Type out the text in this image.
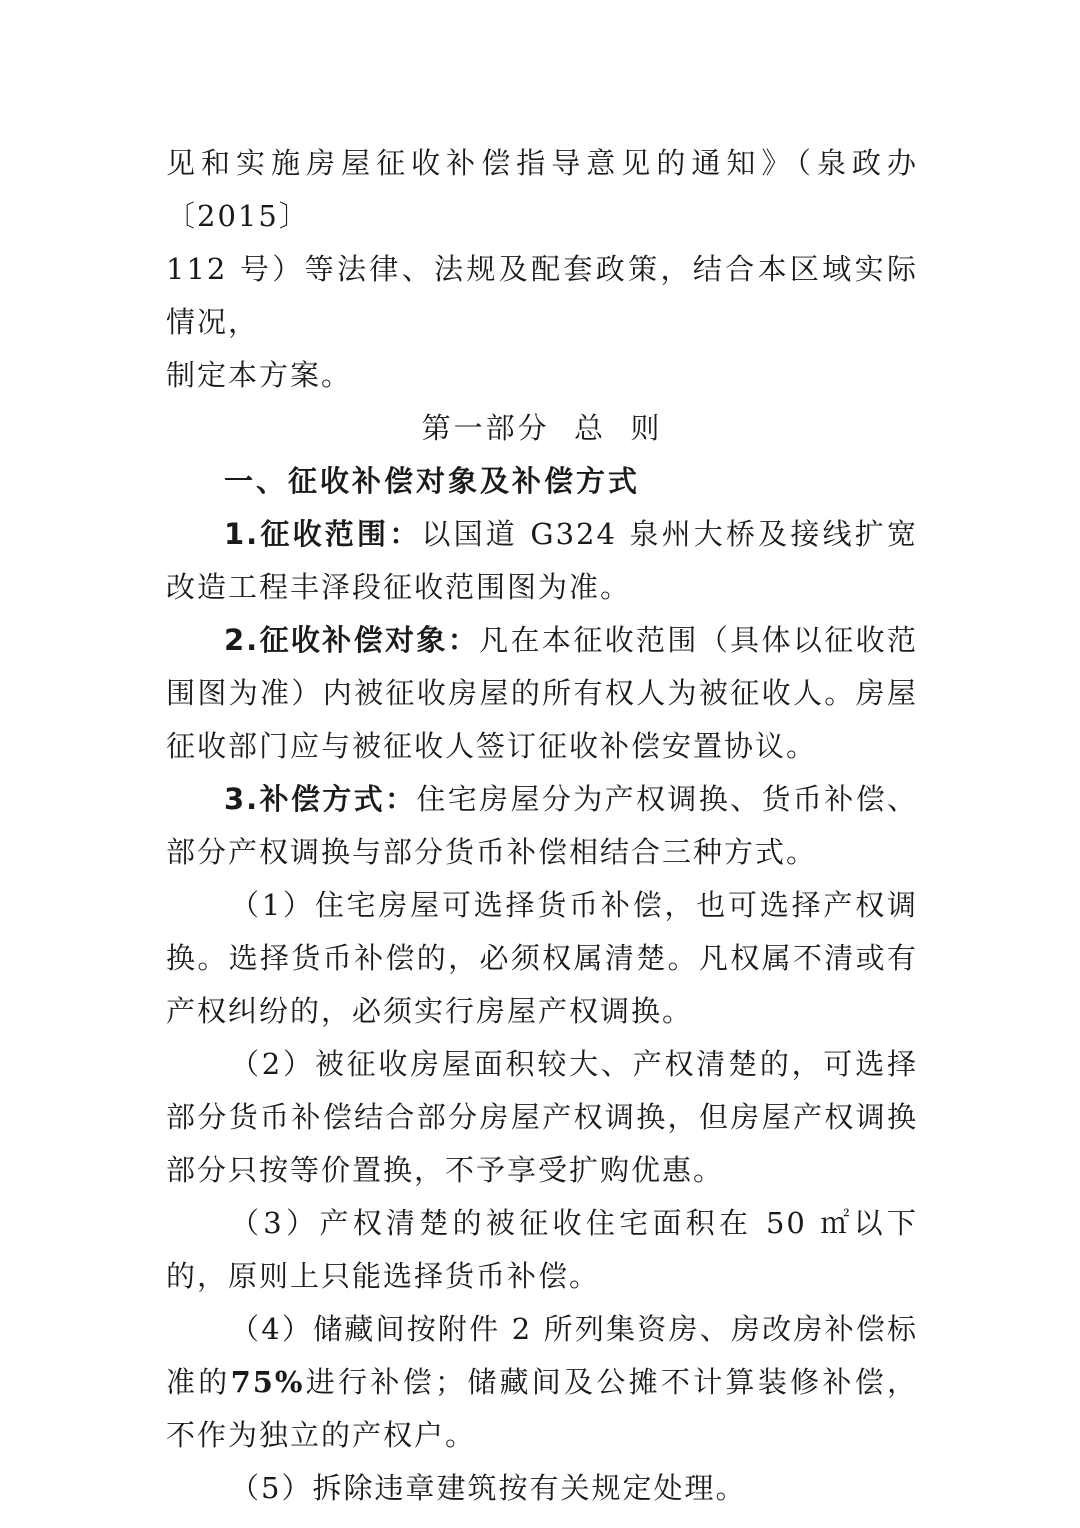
见和实施房屋征收补偿指导意见的通知》（泉政办〔2015〕

112 号）等法律、法规及配套政策，结合本区域实际情况，

制定本方案。

第一部分  总  则

一、征收补偿对象及补偿方式

1.征收范围：以国道 G324 泉州大桥及接线扩宽改造工程丰泽段征收范围图为准。

2.征收补偿对象：凡在本征收范围（具体以征收范围图为准）内被征收房屋的所有权人为被征收人。房屋征收部门应与被征收人签订征收补偿安置协议。

3.补偿方式：住宅房屋分为产权调换、货币补偿、部分产权调换与部分货币补偿相结合三种方式。

（1）住宅房屋可选择货币补偿，也可选择产权调换。选择货币补偿的，必须权属清楚。凡权属不清或有产权纠纷的，必须实行房屋产权调换。

（2）被征收房屋面积较大、产权清楚的，可选择部分货币补偿结合部分房屋产权调换，但房屋产权调换部分只按等价置换，不予享受扩购优惠。

（3）产权清楚的被征收住宅面积在 50 ㎡以下的，原则上只能选择货币补偿。

（4）储藏间按附件 2 所列集资房、房改房补偿标准的75%进行补偿；储藏间及公摊不计算装修补偿，不作为独立的产权户。

（5）拆除违章建筑按有关规定处理。
